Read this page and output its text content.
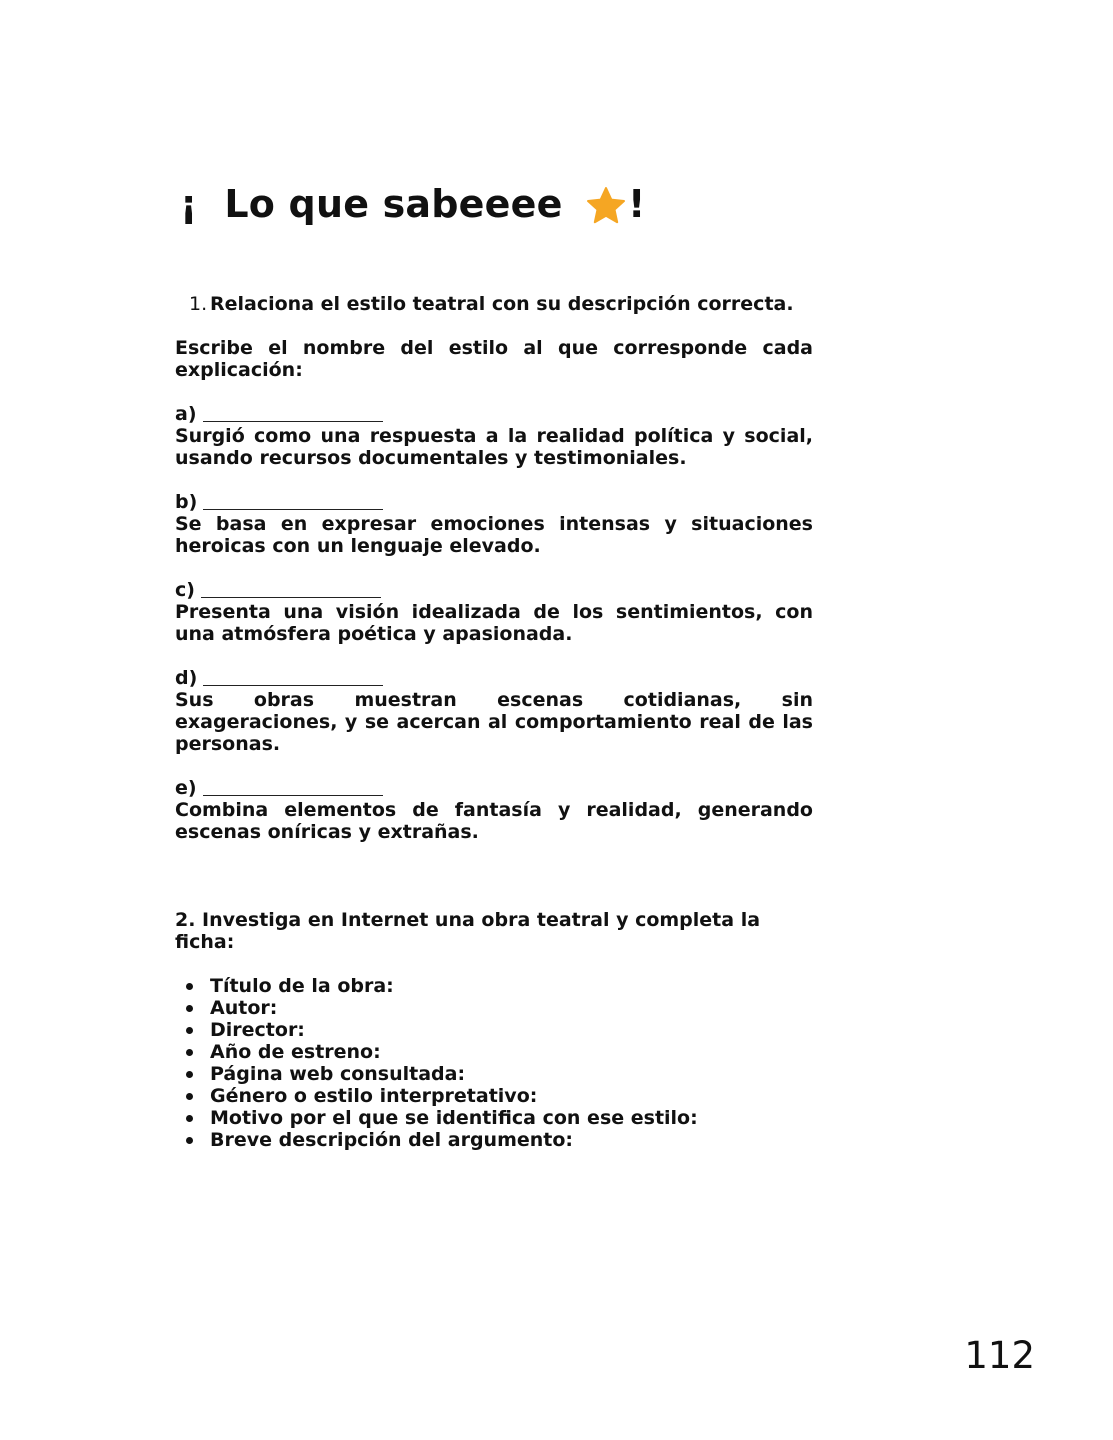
¡  Lo que sabeeee !
1. Relaciona el estilo teatral con su descripción correcta.
Escribe el nombre del estilo al que corresponde cada explicación:
a)
Surgió como una respuesta a la realidad política y social, usando recursos documentales y testimoniales.
b)
Se basa en expresar emociones intensas y situaciones heroicas con un lenguaje elevado.
c)
Presenta una visión idealizada de los sentimientos, con una atmósfera poética y apasionada.
d)
Sus obras muestran escenas cotidianas, sin exageraciones, y se acercan al comportamiento real de las personas.
e)
Combina elementos de fantasía y realidad, generando escenas oníricas y extrañas.
2. Investiga en Internet una obra teatral y completa la ficha:
Título de la obra:
Autor:
Director:
Año de estreno:
Página web consultada:
Género o estilo interpretativo:
Motivo por el que se identifica con ese estilo:
Breve descripción del argumento:
112
